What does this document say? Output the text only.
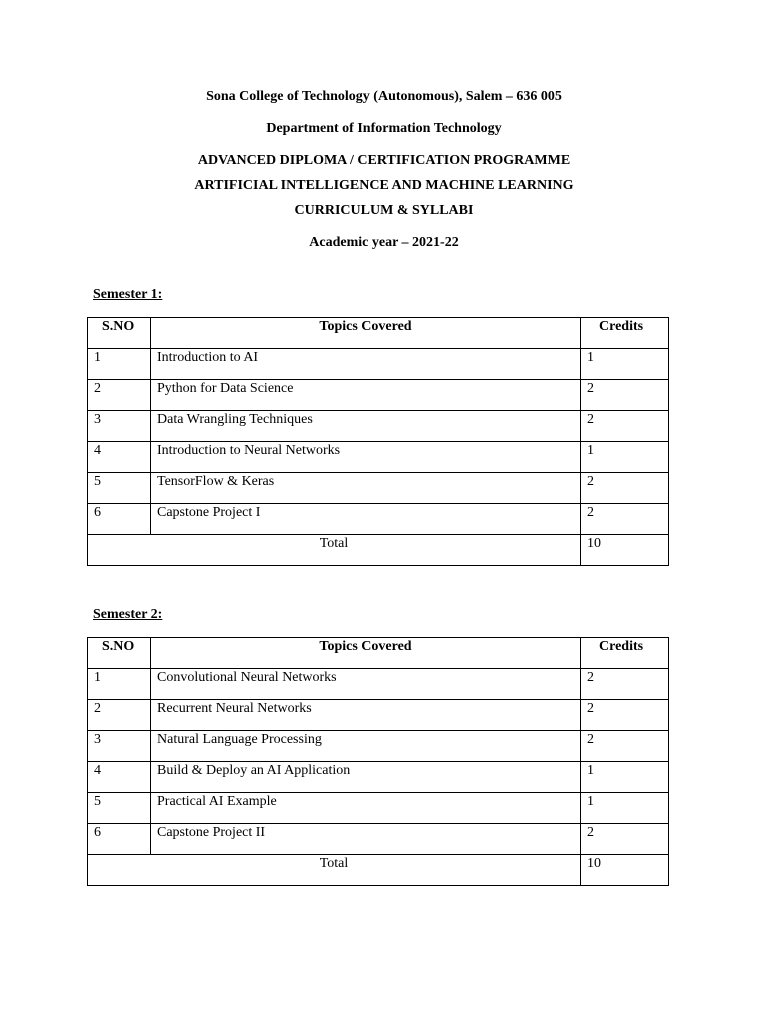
Sona College of Technology (Autonomous), Salem – 636 005

Department of Information Technology

ADVANCED DIPLOMA / CERTIFICATION PROGRAMME

ARTIFICIAL INTELLIGENCE AND MACHINE LEARNING

CURRICULUM & SYLLABI

Academic year – 2021-22

Semester 1:

S.NO	Topics Covered	Credits
1	Introduction to AI	1
2	Python for Data Science	2
3	Data Wrangling Techniques	2
4	Introduction to Neural Networks	1
5	TensorFlow & Keras	2
6	Capstone Project I	2
Total		10

Semester 2:

S.NO	Topics Covered	Credits
1	Convolutional Neural Networks	2
2	Recurrent Neural Networks	2
3	Natural Language Processing	2
4	Build & Deploy an AI Application	1
5	Practical AI Example	1
6	Capstone Project II	2
Total		10
